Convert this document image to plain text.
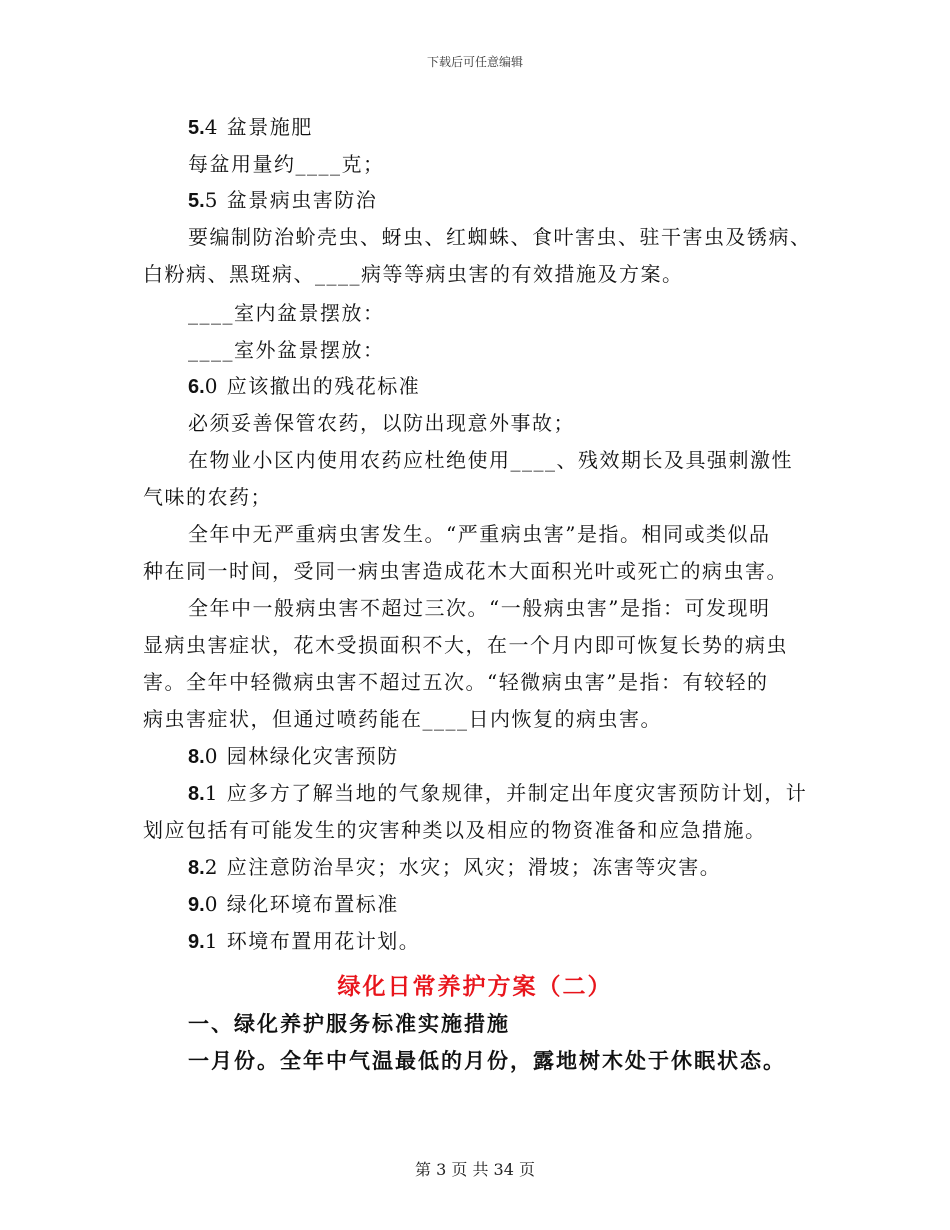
下载后可任意编辑
5.4 盆景施肥
每盆用量约____克；
5.5 盆景病虫害防治
要编制防治蚧壳虫、蚜虫、红蜘蛛、食叶害虫、驻干害虫及锈病、
白粉病、黑斑病、____病等等病虫害的有效措施及方案。
____室内盆景摆放：
____室外盆景摆放：
6.0 应该撤出的残花标准
必须妥善保管农药，以防出现意外事故；
在物业小区内使用农药应杜绝使用____、残效期长及具强刺激性
气味的农药；
全年中无严重病虫害发生。“严重病虫害”是指。相同或类似品
种在同一时间，受同一病虫害造成花木大面积光叶或死亡的病虫害。
全年中一般病虫害不超过三次。“一般病虫害”是指：可发现明
显病虫害症状，花木受损面积不大，在一个月内即可恢复长势的病虫
害。全年中轻微病虫害不超过五次。“轻微病虫害”是指：有较轻的
病虫害症状，但通过喷药能在____日内恢复的病虫害。
8.0 园林绿化灾害预防
8.1 应多方了解当地的气象规律，并制定出年度灾害预防计划，计
划应包括有可能发生的灾害种类以及相应的物资准备和应急措施。
8.2 应注意防治旱灾；水灾；风灾；滑坡；冻害等灾害。
9.0 绿化环境布置标准
9.1 环境布置用花计划。
绿化日常养护方案（二）
一、绿化养护服务标准实施措施
一月份。全年中气温最低的月份，露地树木处于休眠状态。
第 3 页 共 34 页
